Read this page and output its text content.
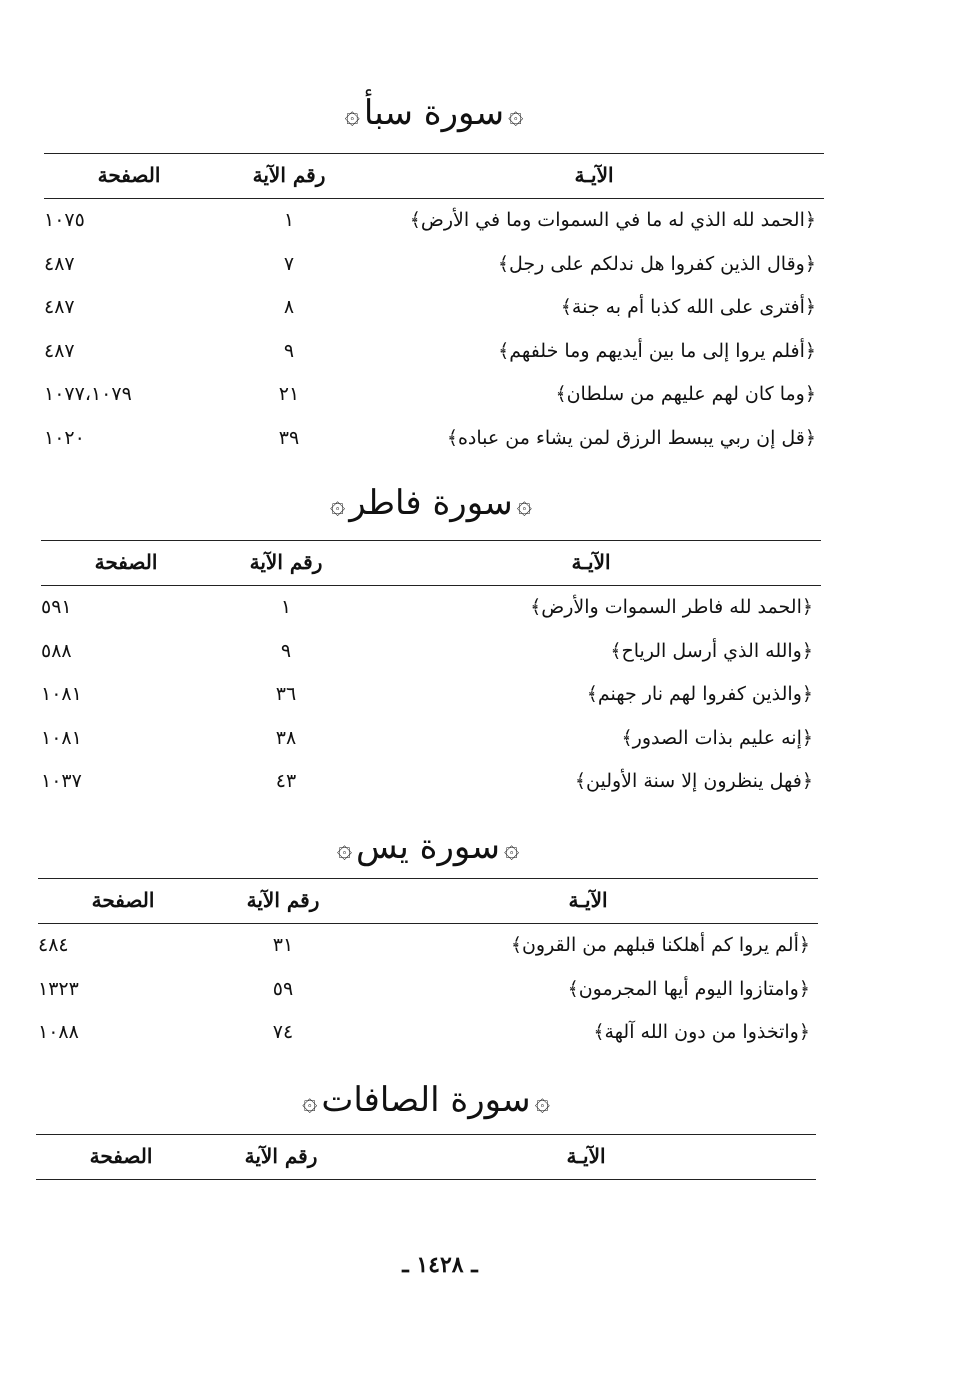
۞سورة سبأ۞
الآيـة
رقم الآية
الصفحة
﴿الحمد لله الذي له ما في السموات وما في الأرض﴾
١
١٠٧٥
﴿وقال الذين كفروا هل ندلكم على رجل﴾
٧
٤٨٧
﴿أفترى على الله كذبا أم به جنة﴾
٨
٤٨٧
﴿أفلم يروا إلى ما بين أيديهم وما خلفهم﴾
٩
٤٨٧
﴿وما كان لهم عليهم من سلطان﴾
٢١
١٠٧٧،١٠٧٩
﴿قل إن ربي يبسط الرزق لمن يشاء من عباده﴾
٣٩
١٠٢٠
۞سورة فاطر۞
الآيـة
رقم الآية
الصفحة
﴿الحمد لله فاطر السموات والأرض﴾
١
٥٩١
﴿والله الذي أرسل الرياح﴾
٩
٥٨٨
﴿والذين كفروا لهم نار جهنم﴾
٣٦
١٠٨١
﴿إنه عليم بذات الصدور﴾
٣٨
١٠٨١
﴿فهل ينظرون إلا سنة الأولين﴾
٤٣
١٠٣٧
۞سورة يس۞
الآيـة
رقم الآية
الصفحة
﴿ألم يروا كم أهلكنا قبلهم من القرون﴾
٣١
٤٨٤
﴿وامتازوا اليوم أيها المجرمون﴾
٥٩
١٣٢٣
﴿واتخذوا من دون الله آلهة﴾
٧٤
١٠٨٨
۞سورة الصافات۞
الآيـة
رقم الآية
الصفحة
ـ ١٤٢٨ ـ
